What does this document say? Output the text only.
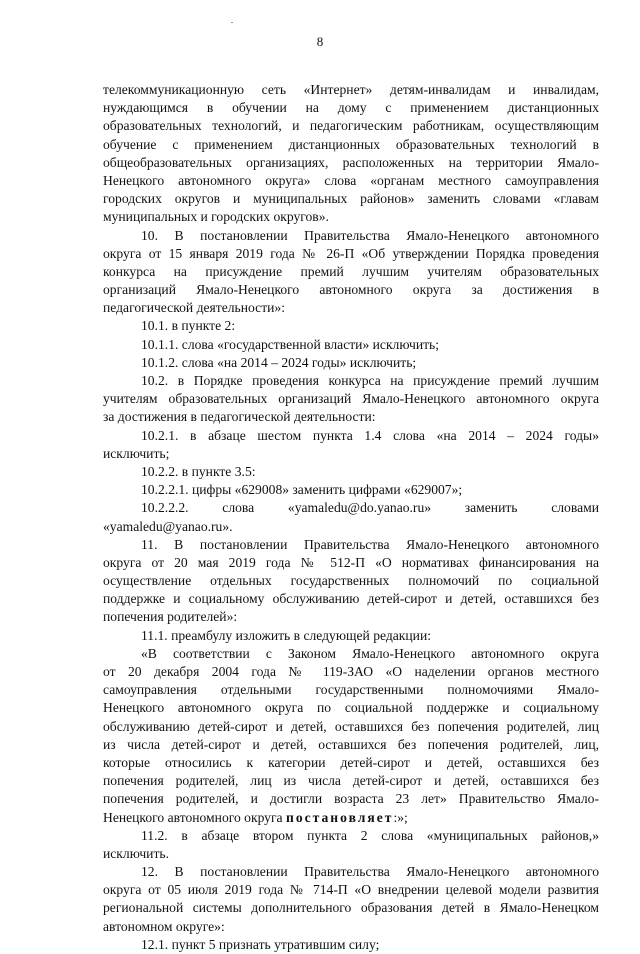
8
телекоммуникационную сеть «Интернет» детям-инвалидам и инвалидам,
нуждающимся в обучении на дому с применением дистанционных
образовательных технологий, и педагогическим работникам, осуществляющим
обучение с применением дистанционных образовательных технологий в
общеобразовательных организациях, расположенных на территории Ямало-
Ненецкого автономного округа» слова «органам местного самоуправления
городских округов и муниципальных районов» заменить словами «главам
муниципальных и городских округов».
10. В постановлении Правительства Ямало-Ненецкого автономного
округа от 15 января 2019 года № 26-П «Об утверждении Порядка проведения
конкурса на присуждение премий лучшим учителям образовательных
организаций Ямало-Ненецкого автономного округа за достижения в
педагогической деятельности»:
10.1. в пункте 2:
10.1.1. слова «государственной власти» исключить;
10.1.2. слова «на 2014 – 2024 годы» исключить;
10.2. в Порядке проведения конкурса на присуждение премий лучшим
учителям образовательных организаций Ямало-Ненецкого автономного округа
за достижения в педагогической деятельности:
10.2.1. в абзаце шестом пункта 1.4 слова «на 2014 – 2024 годы»
исключить;
10.2.2. в пункте 3.5:
10.2.2.1. цифры «629008» заменить цифрами «629007»;
10.2.2.2. слова «yamaledu@do.yanao.ru» заменить словами
«yamaledu@yanao.ru».
11. В постановлении Правительства Ямало-Ненецкого автономного
округа от 20 мая 2019 года № 512-П «О нормативах финансирования на
осуществление отдельных государственных полномочий по социальной
поддержке и социальному обслуживанию детей-сирот и детей, оставшихся без
попечения родителей»:
11.1. преамбулу изложить в следующей редакции:
«В соответствии с Законом Ямало-Ненецкого автономного округа
от 20 декабря 2004 года № 119-ЗАО «О наделении органов местного
самоуправления отдельными государственными полномочиями Ямало-
Ненецкого автономного округа по социальной поддержке и социальному
обслуживанию детей-сирот и детей, оставшихся без попечения родителей, лиц
из числа детей-сирот и детей, оставшихся без попечения родителей, лиц,
которые относились к категории детей-сирот и детей, оставшихся без
попечения родителей, лиц из числа детей-сирот и детей, оставшихся без
попечения родителей, и достигли возраста 23 лет» Правительство Ямало-
Ненецкого автономного округа постановляет:»;
11.2. в абзаце втором пункта 2 слова «муниципальных районов,»
исключить.
12. В постановлении Правительства Ямало-Ненецкого автономного
округа от 05 июля 2019 года № 714-П «О внедрении целевой модели развития
региональной системы дополнительного образования детей в Ямало-Ненецком
автономном округе»:
12.1. пункт 5 признать утратившим силу;
